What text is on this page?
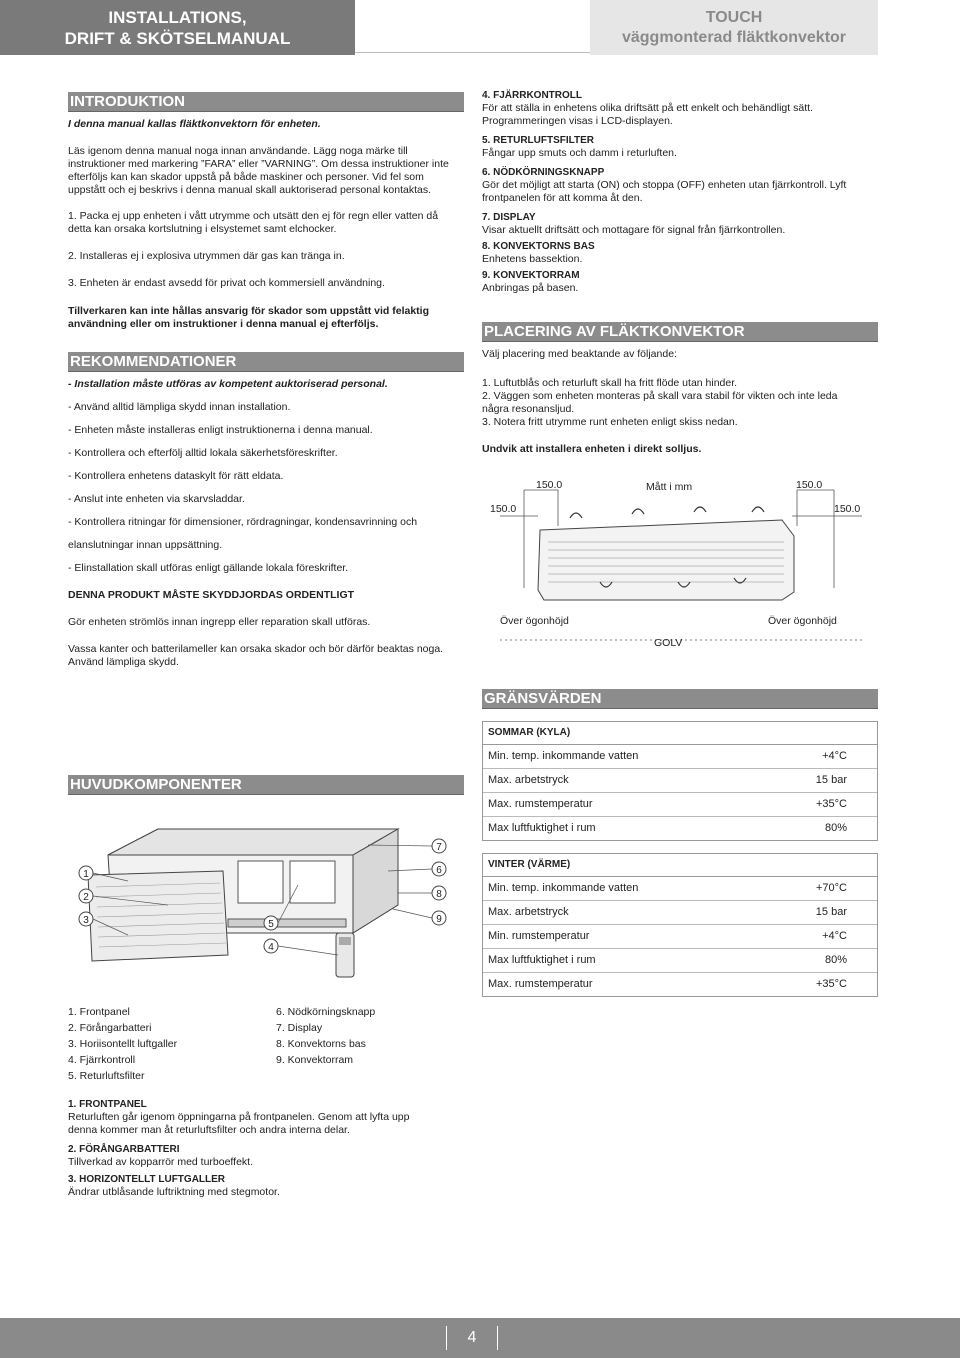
INSTALLATIONS,
DRIFT & SKÖTSELMANUAL
TOUCH
väggmonterad fläktkonvektor
INTRODUKTION

I denna manual kallas fläktkonvektorn för enheten.

Läs igenom denna manual noga innan användande. Lägg noga märke till instruktioner med markering ”FARA” eller ”VARNING”. Om dessa instruktioner inte efterföljs kan kan skador uppstå på både maskiner och personer. Vid fel som uppstått och ej beskrivs i denna manual skall auktoriserad personal kontaktas.

1. Packa ej upp enheten i vått utrymme och utsätt den ej för regn eller vatten då detta kan orsaka kortslutning i elsystemet samt elchocker.

2. Installeras ej i explosiva utrymmen där gas kan tränga in.

3. Enheten är endast avsedd för privat och kommersiell användning.

Tillverkaren kan inte hållas ansvarig för skador som uppstått vid felaktig användning eller om instruktioner i denna manual ej efterföljs.

REKOMMENDATIONER
- Installation måste utföras av kompetent auktoriserad personal.
- Använd alltid lämpliga skydd innan installation.
- Enheten måste installeras enligt instruktionerna i denna manual.
- Kontrollera och efterfölj alltid lokala säkerhetsföreskrifter.
- Kontrollera enhetens dataskylt för rätt eldata.
- Anslut inte enheten via skarvsladdar.
- Kontrollera ritningar för dimensioner, rördragningar, kondensavrinning och
elanslutningar innan uppsättning.
- Elinstallation skall utföras enligt gällande lokala föreskrifter.

DENNA PRODUKT MÅSTE SKYDDJORDAS ORDENTLIGT

Gör enheten strömlös innan ingrepp eller reparation skall utföras.

Vassa kanter och batterilameller kan orsaka skador och bör därför beaktas noga. Använd lämpliga skydd.

HUVUDKOMPONENTER
1
2
3
4
5
6
7
8
9
1. Frontpanel
2. Förångarbatteri
3. Horiisontellt luftgaller
4. Fjärrkontroll
5. Returluftsfilter
6. Nödkörningsknapp
7. Display
8. Konvektorns bas
9. Konvektorram
1. FRONTPANEL

Returluften går igenom öppningarna på frontpanelen. Genom att lyfta upp denna kommer man åt returluftsfilter och andra interna delar.

2. FÖRÅNGARBATTERI

Tillverkad av kopparrör med turboeffekt.

3. HORIZONTELLT LUFTGALLER

Ändrar utblåsande luftriktning med stegmotor.

4. FJÄRRKONTROLL
För att ställa in enhetens olika driftsätt på ett enkelt och behändligt sätt. Programmeringen visas i LCD-displayen.
5. RETURLUFTSFILTER
Fångar upp smuts och damm i returluften.
6. NÖDKÖRNINGSKNAPP
Gör det möjligt att starta (ON) och stoppa (OFF) enheten utan fjärrkontroll. Lyft frontpanelen för att komma åt den.
7. DISPLAY
Visar aktuellt driftsätt och mottagare för signal från fjärrkontrollen.
8. KONVEKTORNS BAS
Enhetens bassektion.
9. KONVEKTORRAM
Anbringas på basen.
PLACERING AV FLÄKTKONVEKTOR

Välj placering med beaktande av följande:

1. Luftutblås och returluft skall ha fritt flöde utan hinder.
2. Väggen som enheten monteras på skall vara stabil för vikten och inte leda några resonansljud.
3. Notera fritt utrymme runt enheten enligt skiss nedan.
Undvik att installera enheten i direkt solljus.
150.0	Mått i mm	150.0
150.0	150.0
Över ögonhöjd	Över ögonhöjd
GOLV
GRÄNSVÄRDEN
SOMMAR (KYLA)
Min. temp. inkommande vatten	+4°C
Max. arbetstryck	15 bar
Max. rumstemperatur	+35°C
Max luftfuktighet i rum	80%
VINTER (VÄRME)
Min. temp. inkommande vatten	+70°C
Max. arbetstryck	15 bar
Min. rumstemperatur	+4°C
Max luftfuktighet i rum	80%
Max. rumstemperatur	+35°C
4
